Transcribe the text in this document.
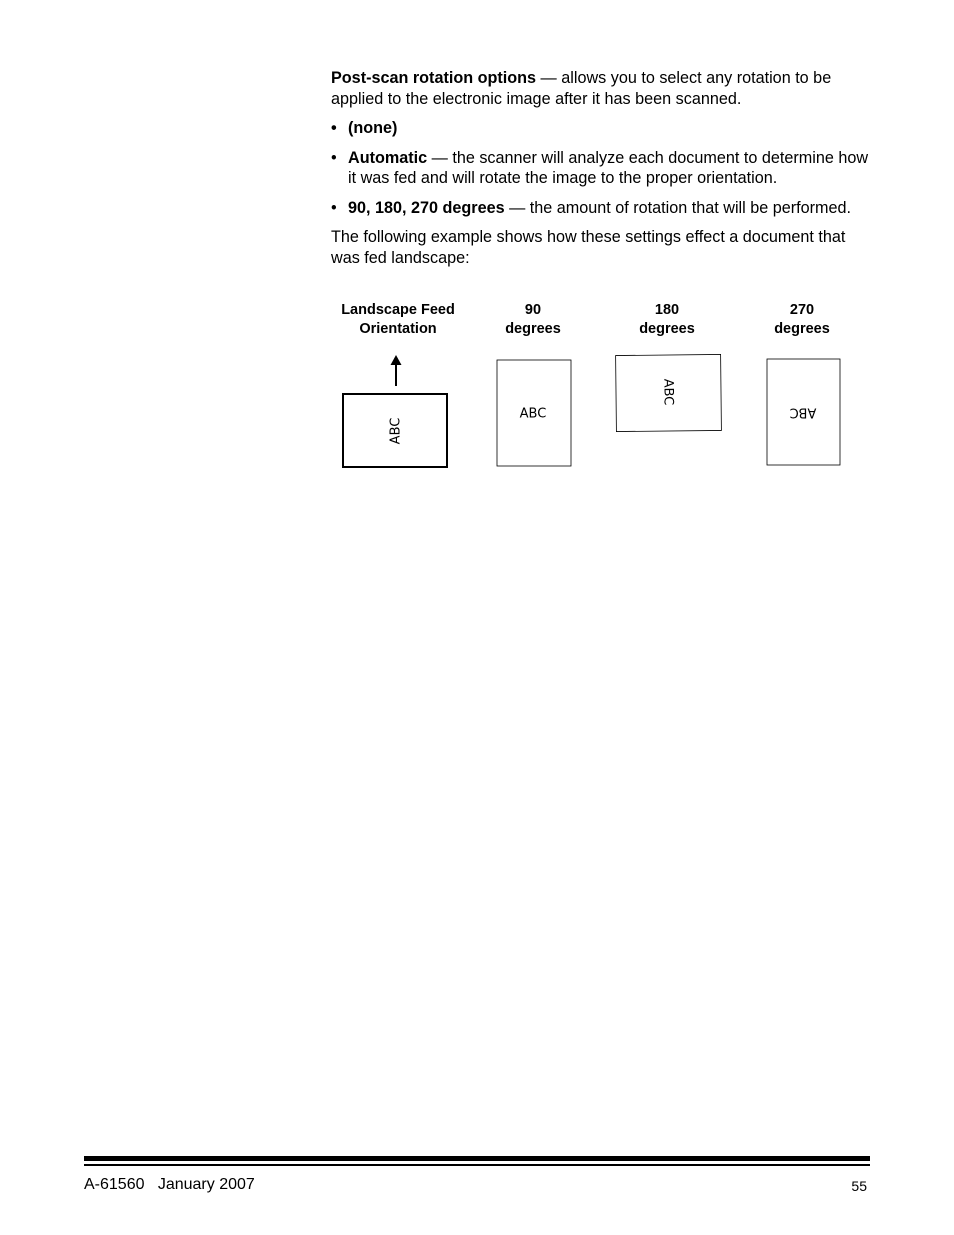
Post-scan rotation options — allows you to select any rotation to be applied to the electronic image after it has been scanned.

• (none)

• Automatic — the scanner will analyze each document to determine how it was fed and will rotate the image to the proper orientation.

• 90, 180, 270 degrees — the amount of rotation that will be performed.

The following example shows how these settings effect a document that was fed landscape:

Landscape Feed
Orientation
90
degrees
180
degrees
270
degrees
ABC
ABC
ABC
ABC
A-61560   January 2007	55
